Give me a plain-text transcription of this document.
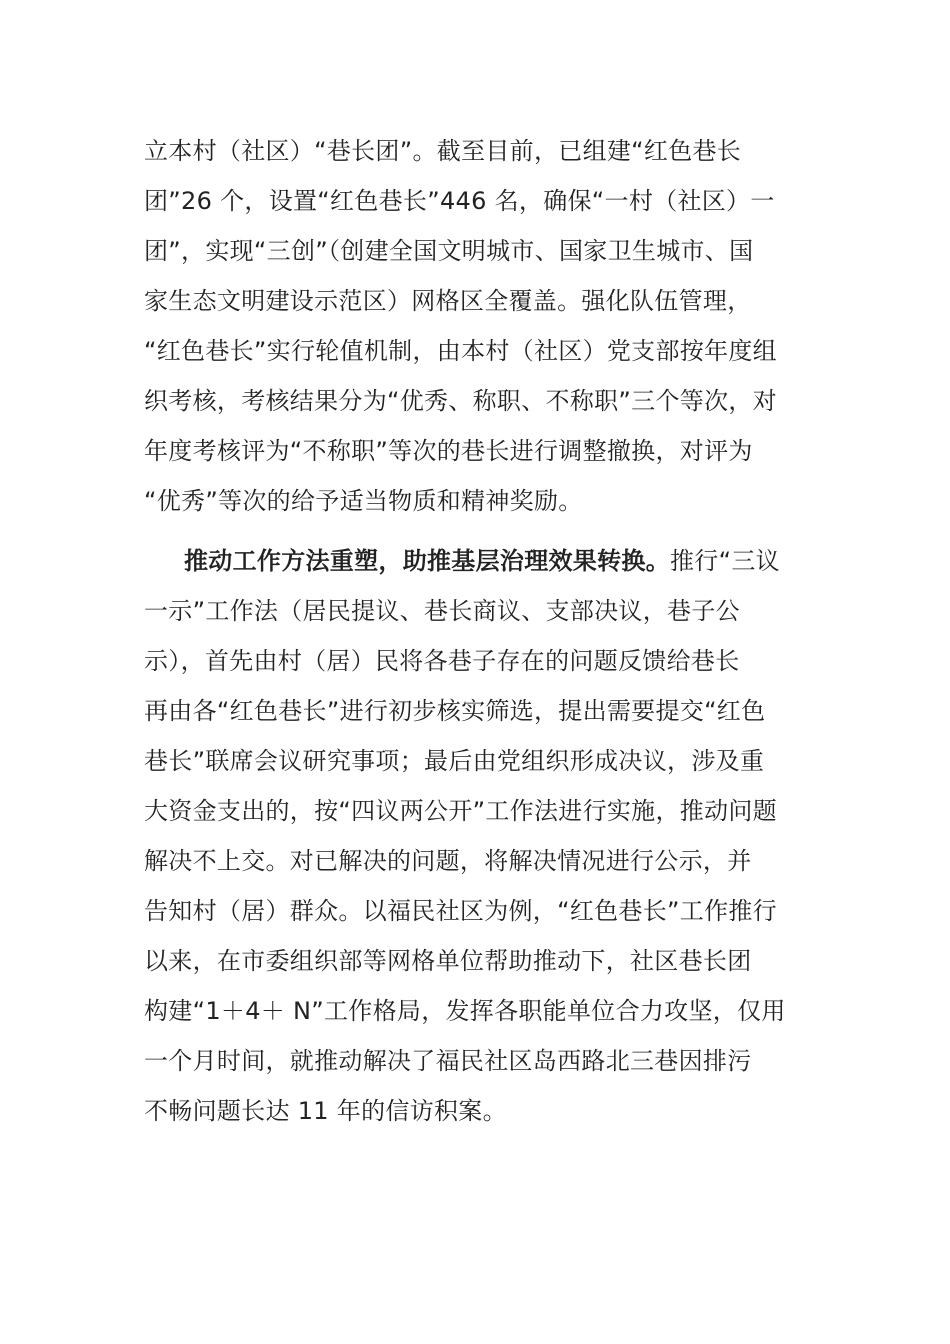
立本村（社区）“巷长团”。截至目前，已组建“红色巷长
团”26 个，设置“红色巷长”446 名，确保“一村（社区）一
团”，实现“三创”（创建全国文明城市、国家卫生城市、国
家生态文明建设示范区）网格区全覆盖。强化队伍管理，
“红色巷长”实行轮值机制，由本村（社区）党支部按年度组
织考核，考核结果分为“优秀、称职、不称职”三个等次，对
年度考核评为“不称职”等次的巷长进行调整撤换，对评为
“优秀”等次的给予适当物质和精神奖励。
推动工作方法重塑，助推基层治理效果转换。推行“三议
一示”工作法（居民提议、巷长商议、支部决议，巷子公
示），首先由村（居）民将各巷子存在的问题反馈给巷长
再由各“红色巷长”进行初步核实筛选，提出需要提交“红色
巷长”联席会议研究事项；最后由党组织形成决议，涉及重
大资金支出的，按“四议两公开”工作法进行实施，推动问题
解决不上交。对已解决的问题，将解决情况进行公示，并
告知村（居）群众。以福民社区为例，“红色巷长”工作推行
以来，在市委组织部等网格单位帮助推动下，社区巷长团
构建“1＋4＋ N”工作格局，发挥各职能单位合力攻坚，仅用
一个月时间，就推动解决了福民社区岛西路北三巷因排污
不畅问题长达 11 年的信访积案。
